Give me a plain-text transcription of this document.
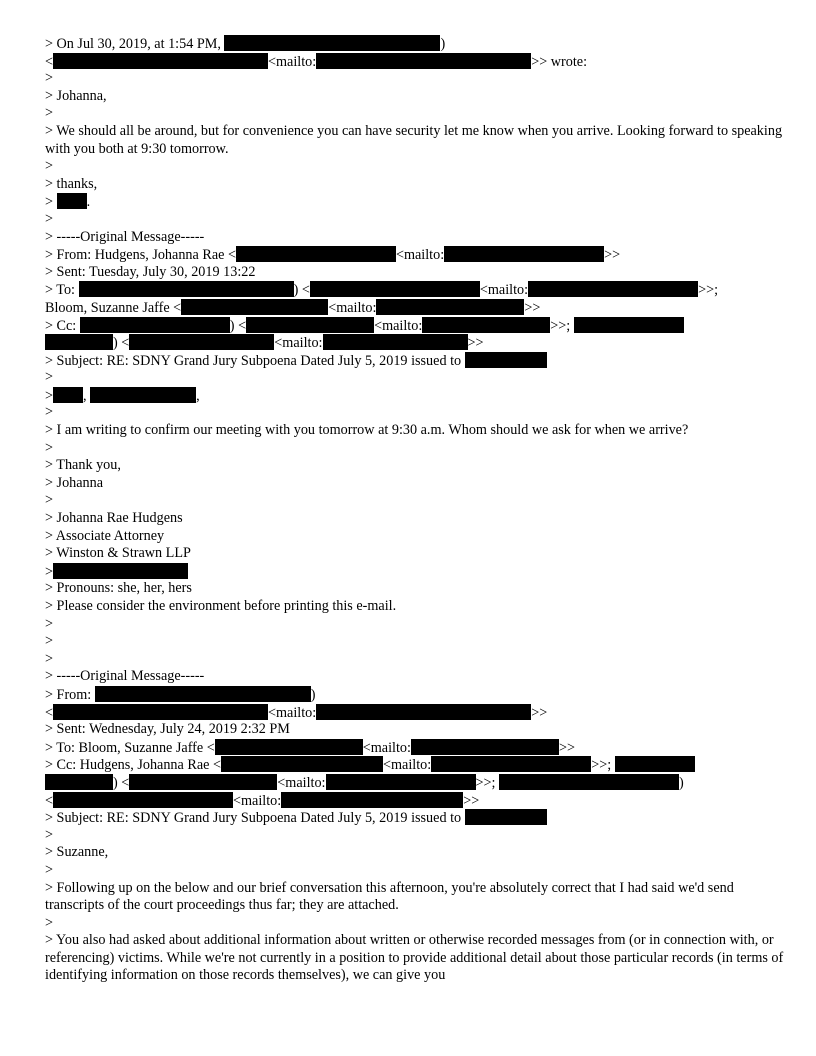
> On Jul 30, 2019, at 1:54 PM,	)
<	<mailto:	>> wrote:
>
> Johanna,
>
> We should all be around, but for convenience you can have security let me know when you arrive. Looking forward to speaking with you both at 9:30 tomorrow.
>
> thanks,
> .
>
> -----Original Message-----
> From: Hudgens, Johanna Rae <	<mailto:	>>
> Sent: Tuesday, July 30, 2019 13:22
> To:	) <	<mailto:	>>;
Bloom, Suzanne Jaffe <	<mailto:	>>
> Cc:	) <	<mailto:	>>;
) <	<mailto:	>>
> Subject: RE: SDNY Grand Jury Subpoena Dated July 5, 2019 issued to
>
> ,	,
>
> I am writing to confirm our meeting with you tomorrow at 9:30 a.m. Whom should we ask for when we arrive?
>
> Thank you,
> Johanna
>
> Johanna Rae Hudgens
> Associate Attorney
> Winston & Strawn LLP
>
> Pronouns: she, her, hers
> Please consider the environment before printing this e-mail.
>
>
>
> -----Original Message-----
> From:	)
<	<mailto:	>>
> Sent: Wednesday, July 24, 2019 2:32 PM
> To: Bloom, Suzanne Jaffe <	<mailto:	>>
> Cc: Hudgens, Johanna Rae <	<mailto:	>>;
) <	<mailto:	>>;	)
<	<mailto:	>>
> Subject: RE: SDNY Grand Jury Subpoena Dated July 5, 2019 issued to
>
> Suzanne,
>
> Following up on the below and our brief conversation this afternoon, you're absolutely correct that I had said we'd send transcripts of the court proceedings thus far; they are attached.
>
> You also had asked about additional information about written or otherwise recorded messages from (or in connection with, or referencing) victims. While we're not currently in a position to provide additional detail about those particular records (in terms of identifying information on those records themselves), we can give you
